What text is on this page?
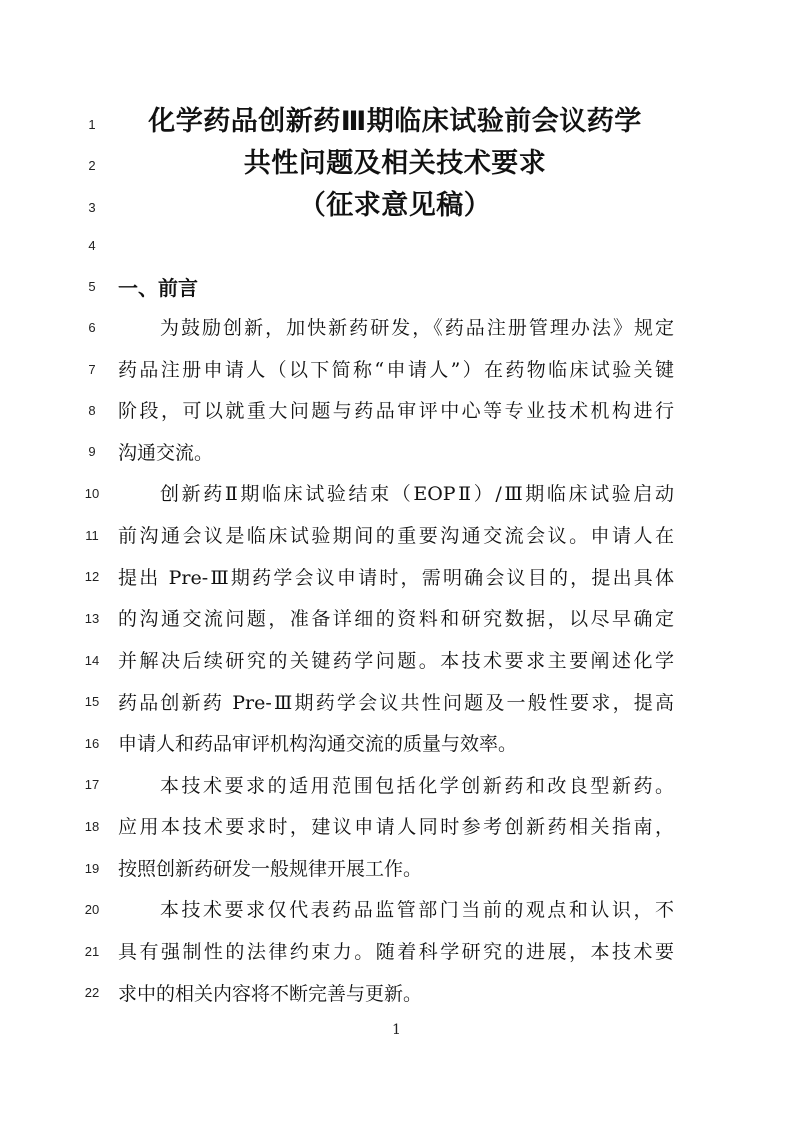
1
2
3
4
5
6
7
8
9
10
11
12
13
14
15
16
17
18
19
20
21
22
化学药品创新药Ⅲ期临床试验前会议药学
共性问题及相关技术要求
（征求意见稿）
一、前言
为鼓励创新，加快新药研发，《药品注册管理办法》规定
药品注册申请人（以下简称“申请人”）在药物临床试验关键
阶段，可以就重大问题与药品审评中心等专业技术机构进行
沟通交流。
创新药Ⅱ期临床试验结束（EOPⅡ）/Ⅲ期临床试验启动
前沟通会议是临床试验期间的重要沟通交流会议。申请人在
提出 Pre-Ⅲ期药学会议申请时，需明确会议目的，提出具体
的沟通交流问题，准备详细的资料和研究数据，以尽早确定
并解决后续研究的关键药学问题。本技术要求主要阐述化学
药品创新药 Pre-Ⅲ期药学会议共性问题及一般性要求，提高
申请人和药品审评机构沟通交流的质量与效率。
本技术要求的适用范围包括化学创新药和改良型新药。
应用本技术要求时，建议申请人同时参考创新药相关指南，
按照创新药研发一般规律开展工作。
本技术要求仅代表药品监管部门当前的观点和认识，不
具有强制性的法律约束力。随着科学研究的进展，本技术要
求中的相关内容将不断完善与更新。
1
